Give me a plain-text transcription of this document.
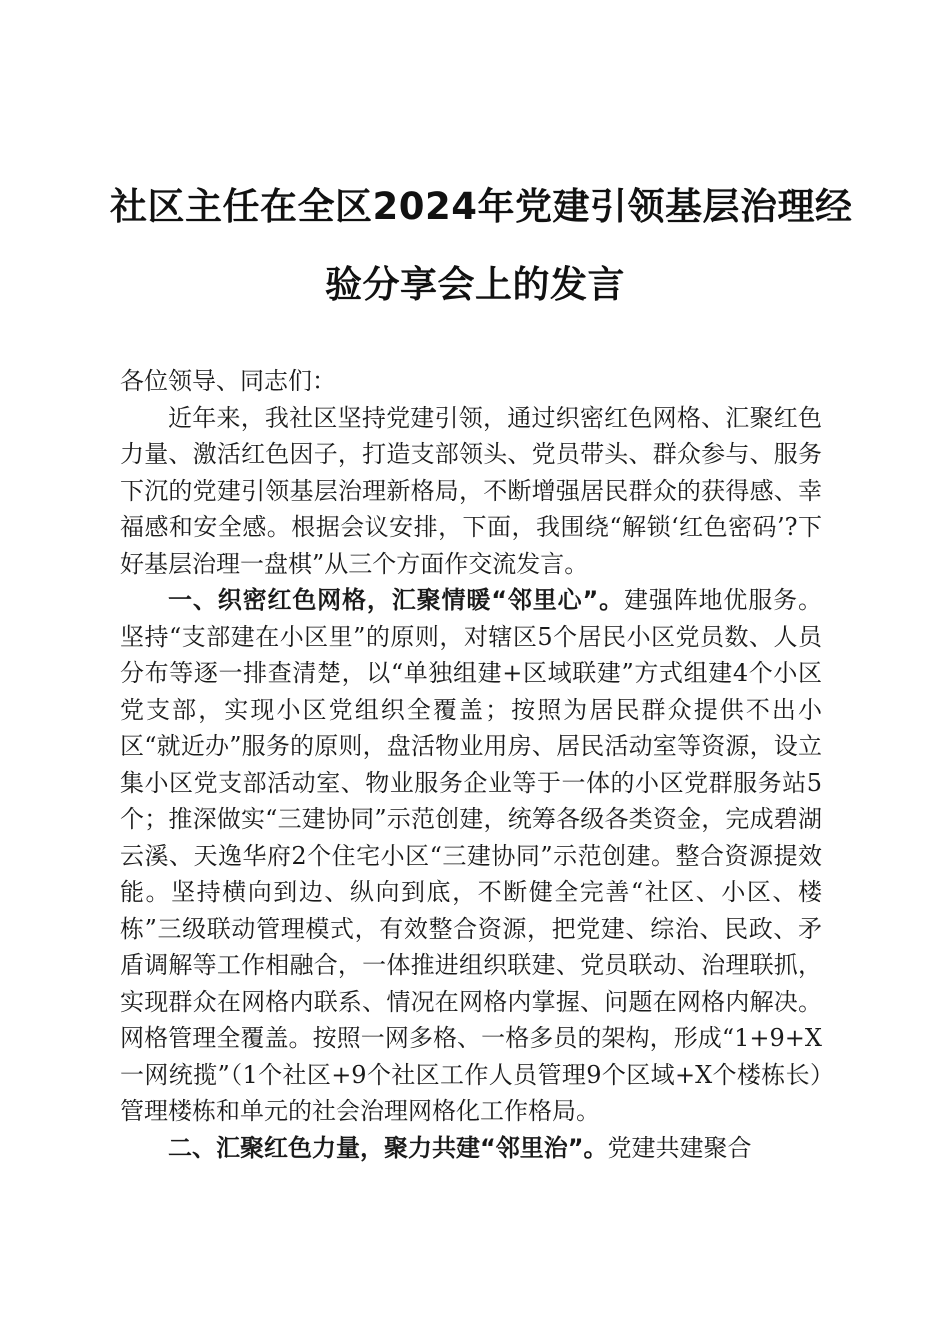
社区主任在全区2024年党建引领基层治理经
验分享会上的发言

各位领导、同志们：

近年来，我社区坚持党建引领，通过织密红色网格、汇聚红色力量、激活红色因子，打造支部领头、党员带头、群众参与、服务下沉的党建引领基层治理新格局，不断增强居民群众的获得感、幸福感和安全感。根据会议安排，下面，我围绕“解锁‘红色密码’?下好基层治理一盘棋”从三个方面作交流发言。

一、织密红色网格，汇聚情暖“邻里心”。建强阵地优服务。坚持“支部建在小区里”的原则，对辖区5个居民小区党员数、人员分布等逐一排查清楚，以“单独组建+区域联建”方式组建4个小区党支部，实现小区党组织全覆盖；按照为居民群众提供不出小区“就近办”服务的原则，盘活物业用房、居民活动室等资源，设立集小区党支部活动室、物业服务企业等于一体的小区党群服务站5个；推深做实“三建协同”示范创建，统筹各级各类资金，完成碧湖云溪、天逸华府2个住宅小区“三建协同”示范创建。整合资源提效能。坚持横向到边、纵向到底，不断健全完善“社区、小区、楼栋”三级联动管理模式，有效整合资源，把党建、综治、民政、矛盾调解等工作相融合，一体推进组织联建、党员联动、治理联抓，实现群众在网格内联系、情况在网格内掌握、问题在网格内解决。网格管理全覆盖。按照一网多格、一格多员的架构，形成“1+9+X一网统揽”（1个社区+9个社区工作人员管理9个区域+X个楼栋长）管理楼栋和单元的社会治理网格化工作格局。

二、汇聚红色力量，聚力共建“邻里治”。党建共建聚合
